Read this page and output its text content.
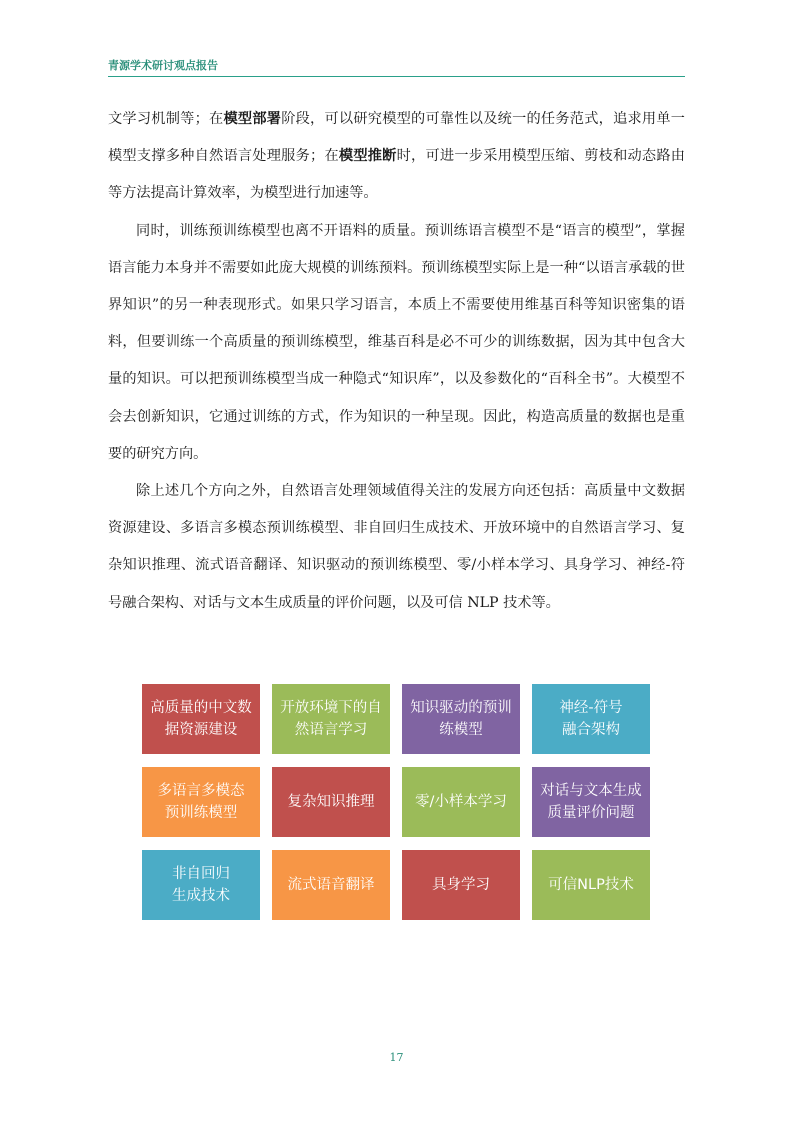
青源学术研讨观点报告

文学习机制等；在模型部署阶段，可以研究模型的可靠性以及统一的任务范式，追求用单一模型支撑多种自然语言处理服务；在模型推断时，可进一步采用模型压缩、剪枝和动态路由等方法提高计算效率，为模型进行加速等。

同时，训练预训练模型也离不开语料的质量。预训练语言模型不是“语言的模型”，掌握语言能力本身并不需要如此庞大规模的训练预料。预训练模型实际上是一种“以语言承载的世界知识”的另一种表现形式。如果只学习语言，本质上不需要使用维基百科等知识密集的语料，但要训练一个高质量的预训练模型，维基百科是必不可少的训练数据，因为其中包含大量的知识。可以把预训练模型当成一种隐式“知识库”，以及参数化的“百科全书”。大模型不会去创新知识，它通过训练的方式，作为知识的一种呈现。因此，构造高质量的数据也是重要的研究方向。

除上述几个方向之外，自然语言处理领域值得关注的发展方向还包括：高质量中文数据资源建设、多语言多模态预训练模型、非自回归生成技术、开放环境中的自然语言学习、复杂知识推理、流式语音翻译、知识驱动的预训练模型、零/小样本学习、具身学习、神经-符号融合架构、对话与文本生成质量的评价问题，以及可信 NLP 技术等。

高质量的中文数
据资源建设
开放环境下的自
然语言学习
知识驱动的预训
练模型
神经-符号
融合架构
多语言多模态
预训练模型
复杂知识推理	零/小样本学习
对话与文本生成
质量评价问题
非自回归
生成技术
流式语音翻译	具身学习	可信NLP技术
17
